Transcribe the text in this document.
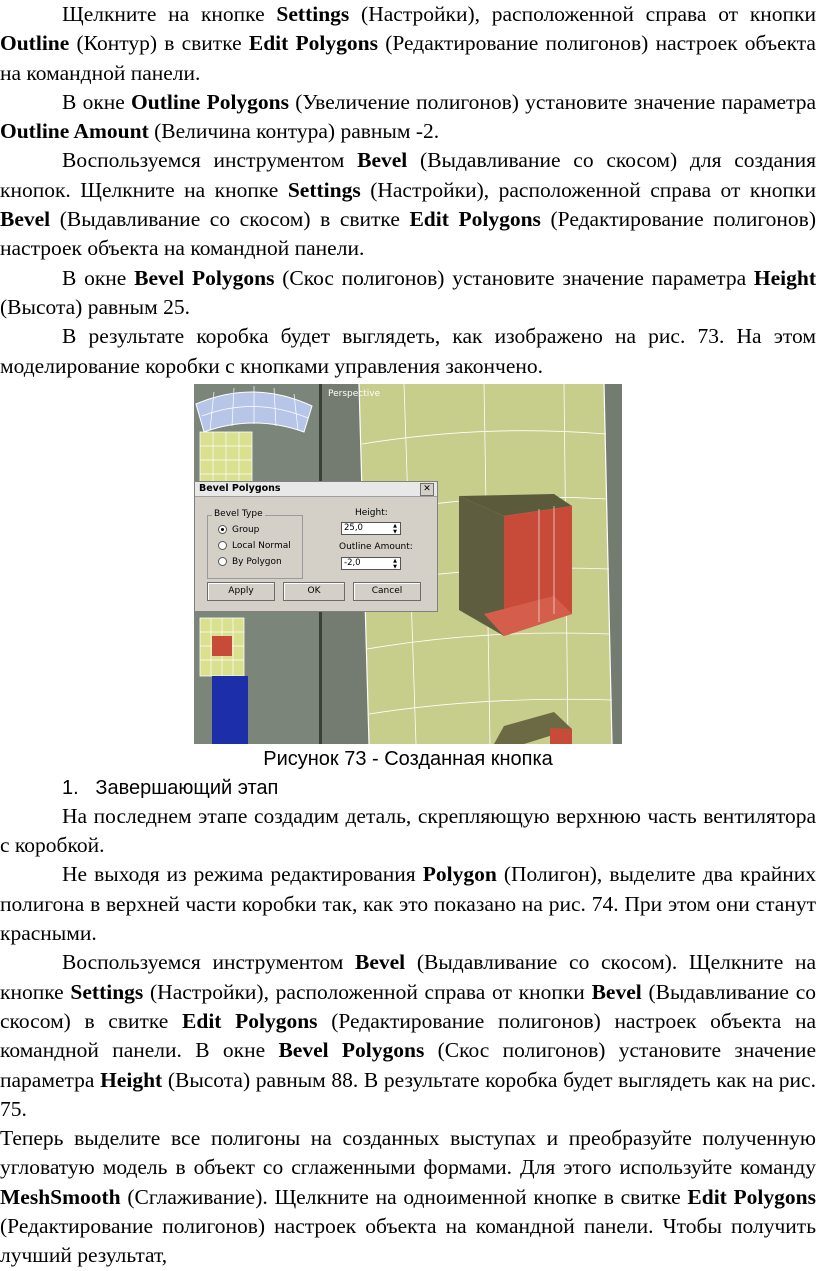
Щелкните на кнопке Settings (Настройки), расположенной справа от кнопки Outline (Контур) в свитке Edit Polygons (Редактирование полигонов) настроек объекта на командной панели.

В окне Outline Polygons (Увеличение полигонов) установите значение параметра Outline Amount (Величина контура) равным -2.

Воспользуемся инструментом Bevel (Выдавливание со скосом) для создания кнопок. Щелкните на кнопке Settings (Настройки), расположенной справа от кнопки Bevel (Выдавливание со скосом) в свитке Edit Polygons (Редактирование полигонов) настроек объекта на командной панели.

В окне Bevel Polygons (Скос полигонов) установите значение параметра Height (Высота) равным 25.

В результате коробка будет выглядеть, как изображено на рис. 73. На этом моделирование коробки с кнопками управления закончено.

Perspective
Bevel Polygons	✕
Bevel Type
Group
Local Normal
By Polygon
Height:
25,0	▲
▼
Outline Amount:
-2,0	▲
▼
Apply	OK	Cancel

Рисунок 73 - Созданная кнопка

1. Завершающий этап

На последнем этапе создадим деталь, скрепляющую верхнюю часть вентилятора с коробкой.

Не выходя из режима редактирования Polygon (Полигон), выделите два крайних полигона в верхней части коробки так, как это показано на рис. 74. При этом они станут красными.

Воспользуемся инструментом Bevel (Выдавливание со скосом). Щелкните на кнопке Settings (Настройки), расположенной справа от кнопки Bevel (Выдавливание со скосом) в свитке Edit Polygons (Редактирование полигонов) настроек объекта на командной панели. В окне Bevel Polygons (Скос полигонов) установите значение параметра Height (Высота) равным 88. В результате коробка будет выглядеть как на рис. 75.

Теперь выделите все полигоны на созданных выступах и преобразуйте полученную угловатую модель в объект со сглаженными формами. Для этого используйте команду MeshSmooth (Сглаживание). Щелкните на одноименной кнопке в свитке Edit Polygons (Редактирование полигонов) настроек объекта на командной панели. Чтобы получить лучший результат,
